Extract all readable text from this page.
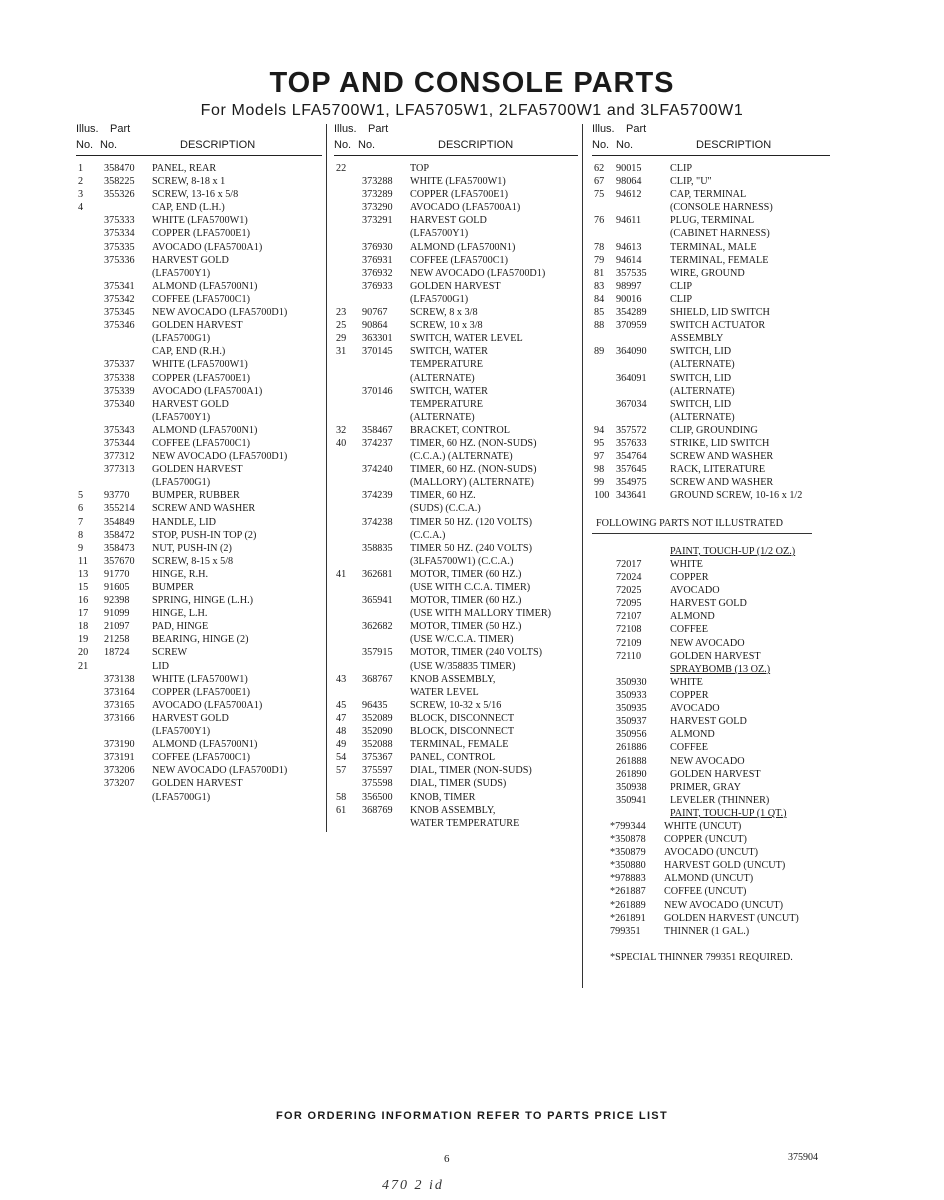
TOP AND CONSOLE PARTS
For Models LFA5700W1, LFA5705W1, 2LFA5700W1 and 3LFA5700W1
Illus. Part
No. No.	DESCRIPTION
1 358470 PANEL, REAR
2 358225 SCREW, 8-18 x 1
3 355326 SCREW, 13-16 x 5/8
4	CAP, END (L.H.)
375333 WHITE (LFA5700W1)
375334 COPPER (LFA5700E1)
375335 AVOCADO (LFA5700A1)
375336 HARVEST GOLD
(LFA5700Y1)
375341 ALMOND (LFA5700N1)
375342 COFFEE (LFA5700C1)
375345 NEW AVOCADO (LFA5700D1)
375346 GOLDEN HARVEST
(LFA5700G1)
CAP, END (R.H.)
375337 WHITE (LFA5700W1)
375338 COPPER (LFA5700E1)
375339 AVOCADO (LFA5700A1)
375340 HARVEST GOLD
(LFA5700Y1)
375343 ALMOND (LFA5700N1)
375344 COFFEE (LFA5700C1)
377312 NEW AVOCADO (LFA5700D1)
377313 GOLDEN HARVEST
(LFA5700G1)
5 93770 BUMPER, RUBBER
6 355214 SCREW AND WASHER
7 354849 HANDLE, LID
8 358472 STOP, PUSH-IN TOP (2)
9 358473 NUT, PUSH-IN (2)
11 357670 SCREW, 8-15 x 5/8
13 91770 HINGE, R.H.
15 91605 BUMPER
16 92398 SPRING, HINGE (L.H.)
17 91099 HINGE, L.H.
18 21097 PAD, HINGE
19 21258 BEARING, HINGE (2)
20 18724 SCREW
21	LID
373138 WHITE (LFA5700W1)
373164 COPPER (LFA5700E1)
373165 AVOCADO (LFA5700A1)
373166 HARVEST GOLD
(LFA5700Y1)
373190 ALMOND (LFA5700N1)
373191 COFFEE (LFA5700C1)
373206 NEW AVOCADO (LFA5700D1)
373207 GOLDEN HARVEST
(LFA5700G1)
Illus. Part
No. No.	DESCRIPTION
22	TOP
373288 WHITE (LFA5700W1)
373289 COPPER (LFA5700E1)
373290 AVOCADO (LFA5700A1)
373291 HARVEST GOLD
(LFA5700Y1)
376930 ALMOND (LFA5700N1)
376931 COFFEE (LFA5700C1)
376932 NEW AVOCADO (LFA5700D1)
376933 GOLDEN HARVEST
(LFA5700G1)
23 90767 SCREW, 8 x 3/8
25 90864 SCREW, 10 x 3/8
29 363301 SWITCH, WATER LEVEL
31 370145 SWITCH, WATER
TEMPERATURE
(ALTERNATE)
370146 SWITCH, WATER
TEMPERATURE
(ALTERNATE)
32 358467 BRACKET, CONTROL
40 374237 TIMER, 60 HZ. (NON-SUDS)
(C.C.A.) (ALTERNATE)
374240 TIMER, 60 HZ. (NON-SUDS)
(MALLORY) (ALTERNATE)
374239 TIMER, 60 HZ.
(SUDS) (C.C.A.)
374238 TIMER 50 HZ. (120 VOLTS)
(C.C.A.)
358835 TIMER 50 HZ. (240 VOLTS)
(3LFA5700W1) (C.C.A.)
41 362681 MOTOR, TIMER (60 HZ.)
(USE WITH C.C.A. TIMER)
365941 MOTOR, TIMER (60 HZ.)
(USE WITH MALLORY TIMER)
362682 MOTOR, TIMER (50 HZ.)
(USE W/C.C.A. TIMER)
357915 MOTOR, TIMER (240 VOLTS)
(USE W/358835 TIMER)
43 368767 KNOB ASSEMBLY,
WATER LEVEL
45 96435 SCREW, 10-32 x 5/16
47 352089 BLOCK, DISCONNECT
48 352090 BLOCK, DISCONNECT
49 352088 TERMINAL, FEMALE
54 375367 PANEL, CONTROL
57 375597 DIAL, TIMER (NON-SUDS)
375598 DIAL, TIMER (SUDS)
58 356500 KNOB, TIMER
61 368769 KNOB ASSEMBLY,
WATER TEMPERATURE
Illus. Part
No. No.	DESCRIPTION
62 90015	CLIP
67 98064	CLIP, "U"
75 94612	CAP, TERMINAL
(CONSOLE HARNESS)
76 94611	PLUG, TERMINAL
(CABINET HARNESS)
78 94613	TERMINAL, MALE
79 94614	TERMINAL, FEMALE
81 357535 WIRE, GROUND
83 98997	CLIP
84 90016	CLIP
85 354289 SHIELD, LID SWITCH
88 370959 SWITCH ACTUATOR
ASSEMBLY
89 364090 SWITCH, LID
(ALTERNATE)
364091 SWITCH, LID
(ALTERNATE)
367034 SWITCH, LID
(ALTERNATE)
94 357572 CLIP, GROUNDING
95 357633 STRIKE, LID SWITCH
97 354764 SCREW AND WASHER
98 357645 RACK, LITERATURE
99 354975 SCREW AND WASHER
100 343641 GROUND SCREW, 10-16 x 1/2
FOLLOWING PARTS NOT ILLUSTRATED
PAINT, TOUCH-UP (1/2 OZ.)
72017	WHITE
72024	COPPER
72025	AVOCADO
72095	HARVEST GOLD
72107	ALMOND
72108	COFFEE
72109	NEW AVOCADO
72110	GOLDEN HARVEST
SPRAYBOMB (13 OZ.)
350930 WHITE
350933 COPPER
350935 AVOCADO
350937 HARVEST GOLD
350956 ALMOND
261886 COFFEE
261888 NEW AVOCADO
261890 GOLDEN HARVEST
350938 PRIMER, GRAY
350941 LEVELER (THINNER)
PAINT, TOUCH-UP (1 QT.)
*799344 WHITE (UNCUT)
*350878 COPPER (UNCUT)
*350879 AVOCADO (UNCUT)
*350880 HARVEST GOLD (UNCUT)
*978883 ALMOND (UNCUT)
*261887 COFFEE (UNCUT)
*261889 NEW AVOCADO (UNCUT)
*261891 GOLDEN HARVEST (UNCUT)
799351 THINNER (1 GAL.)
*SPECIAL THINNER 799351 REQUIRED.
FOR ORDERING INFORMATION REFER TO PARTS PRICE LIST
6	375904
470 2 id
